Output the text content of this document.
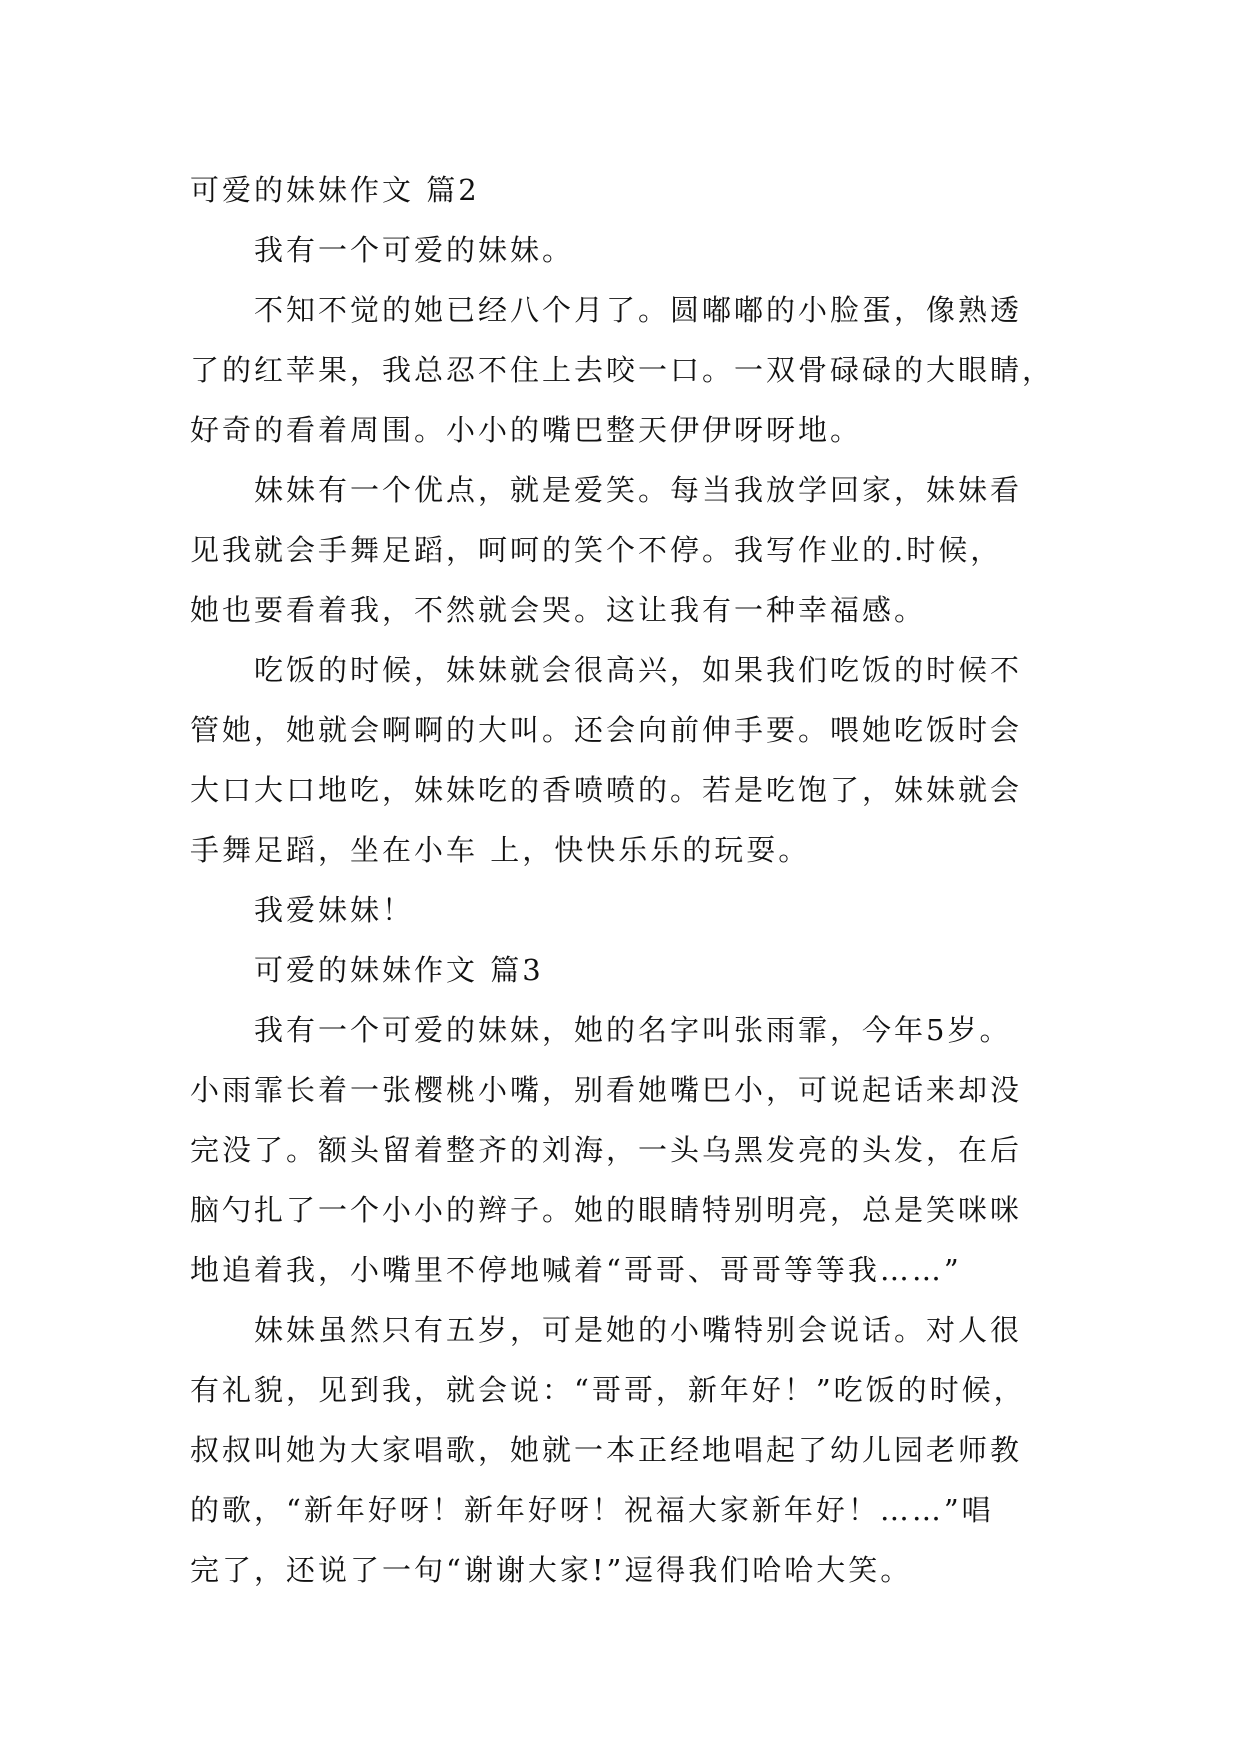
可爱的妹妹作文 篇2
我有一个可爱的妹妹。
不知不觉的她已经八个月了。圆嘟嘟的小脸蛋，像熟透
了的红苹果，我总忍不住上去咬一口。一双骨碌碌的大眼睛，
好奇的看着周围。小小的嘴巴整天伊伊呀呀地。
妹妹有一个优点，就是爱笑。每当我放学回家，妹妹看
见我就会手舞足蹈，呵呵的笑个不停。我写作业的.时候，
她也要看着我，不然就会哭。这让我有一种幸福感。
吃饭的时候，妹妹就会很高兴，如果我们吃饭的时候不
管她，她就会啊啊的大叫。还会向前伸手要。喂她吃饭时会
大口大口地吃，妹妹吃的香喷喷的。若是吃饱了，妹妹就会
手舞足蹈，坐在小车 上，快快乐乐的玩耍。
我爱妹妹！
可爱的妹妹作文 篇3
我有一个可爱的妹妹，她的名字叫张雨霏，今年5岁。
小雨霏长着一张樱桃小嘴，别看她嘴巴小，可说起话来却没
完没了。额头留着整齐的刘海，一头乌黑发亮的头发，在后
脑勺扎了一个小小的辫子。她的眼睛特别明亮，总是笑咪咪
地追着我，小嘴里不停地喊着“哥哥、哥哥等等我……”
妹妹虽然只有五岁，可是她的小嘴特别会说话。对人很
有礼貌，见到我，就会说：“哥哥，新年好！”吃饭的时候，
叔叔叫她为大家唱歌，她就一本正经地唱起了幼儿园老师教
的歌，“新年好呀！新年好呀！祝福大家新年好！……”唱
完了，还说了一句“谢谢大家!”逗得我们哈哈大笑。
